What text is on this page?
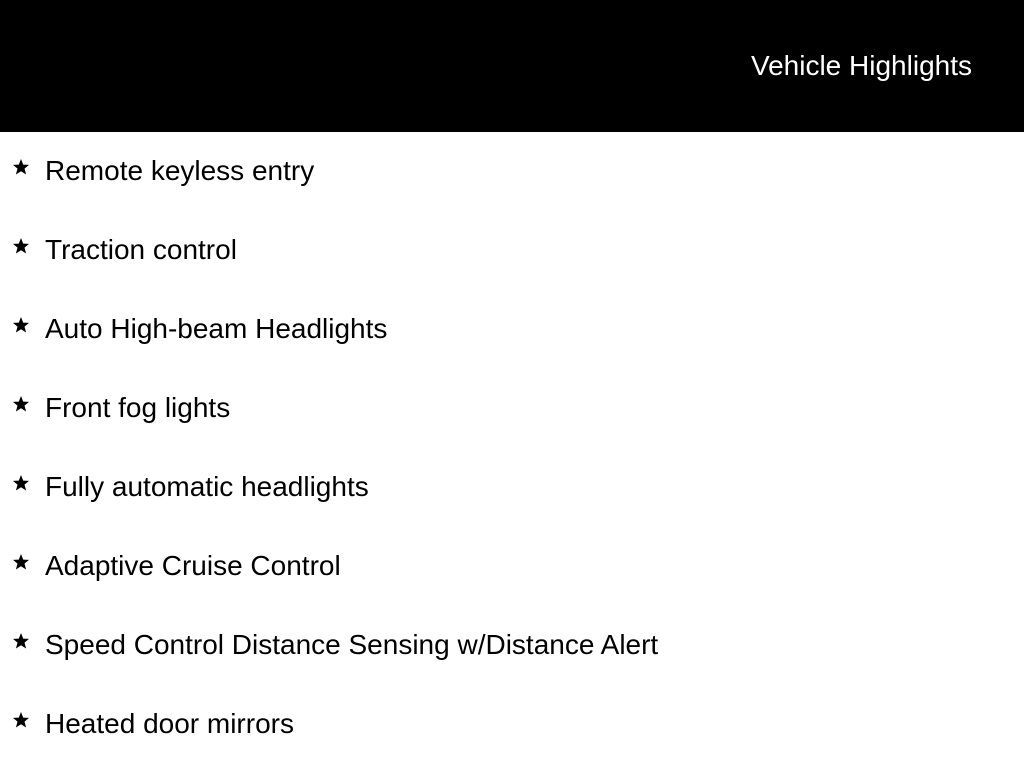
Vehicle Highlights
Remote keyless entry
Traction control
Auto High-beam Headlights
Front fog lights
Fully automatic headlights
Adaptive Cruise Control
Speed Control Distance Sensing w/Distance Alert
Heated door mirrors
